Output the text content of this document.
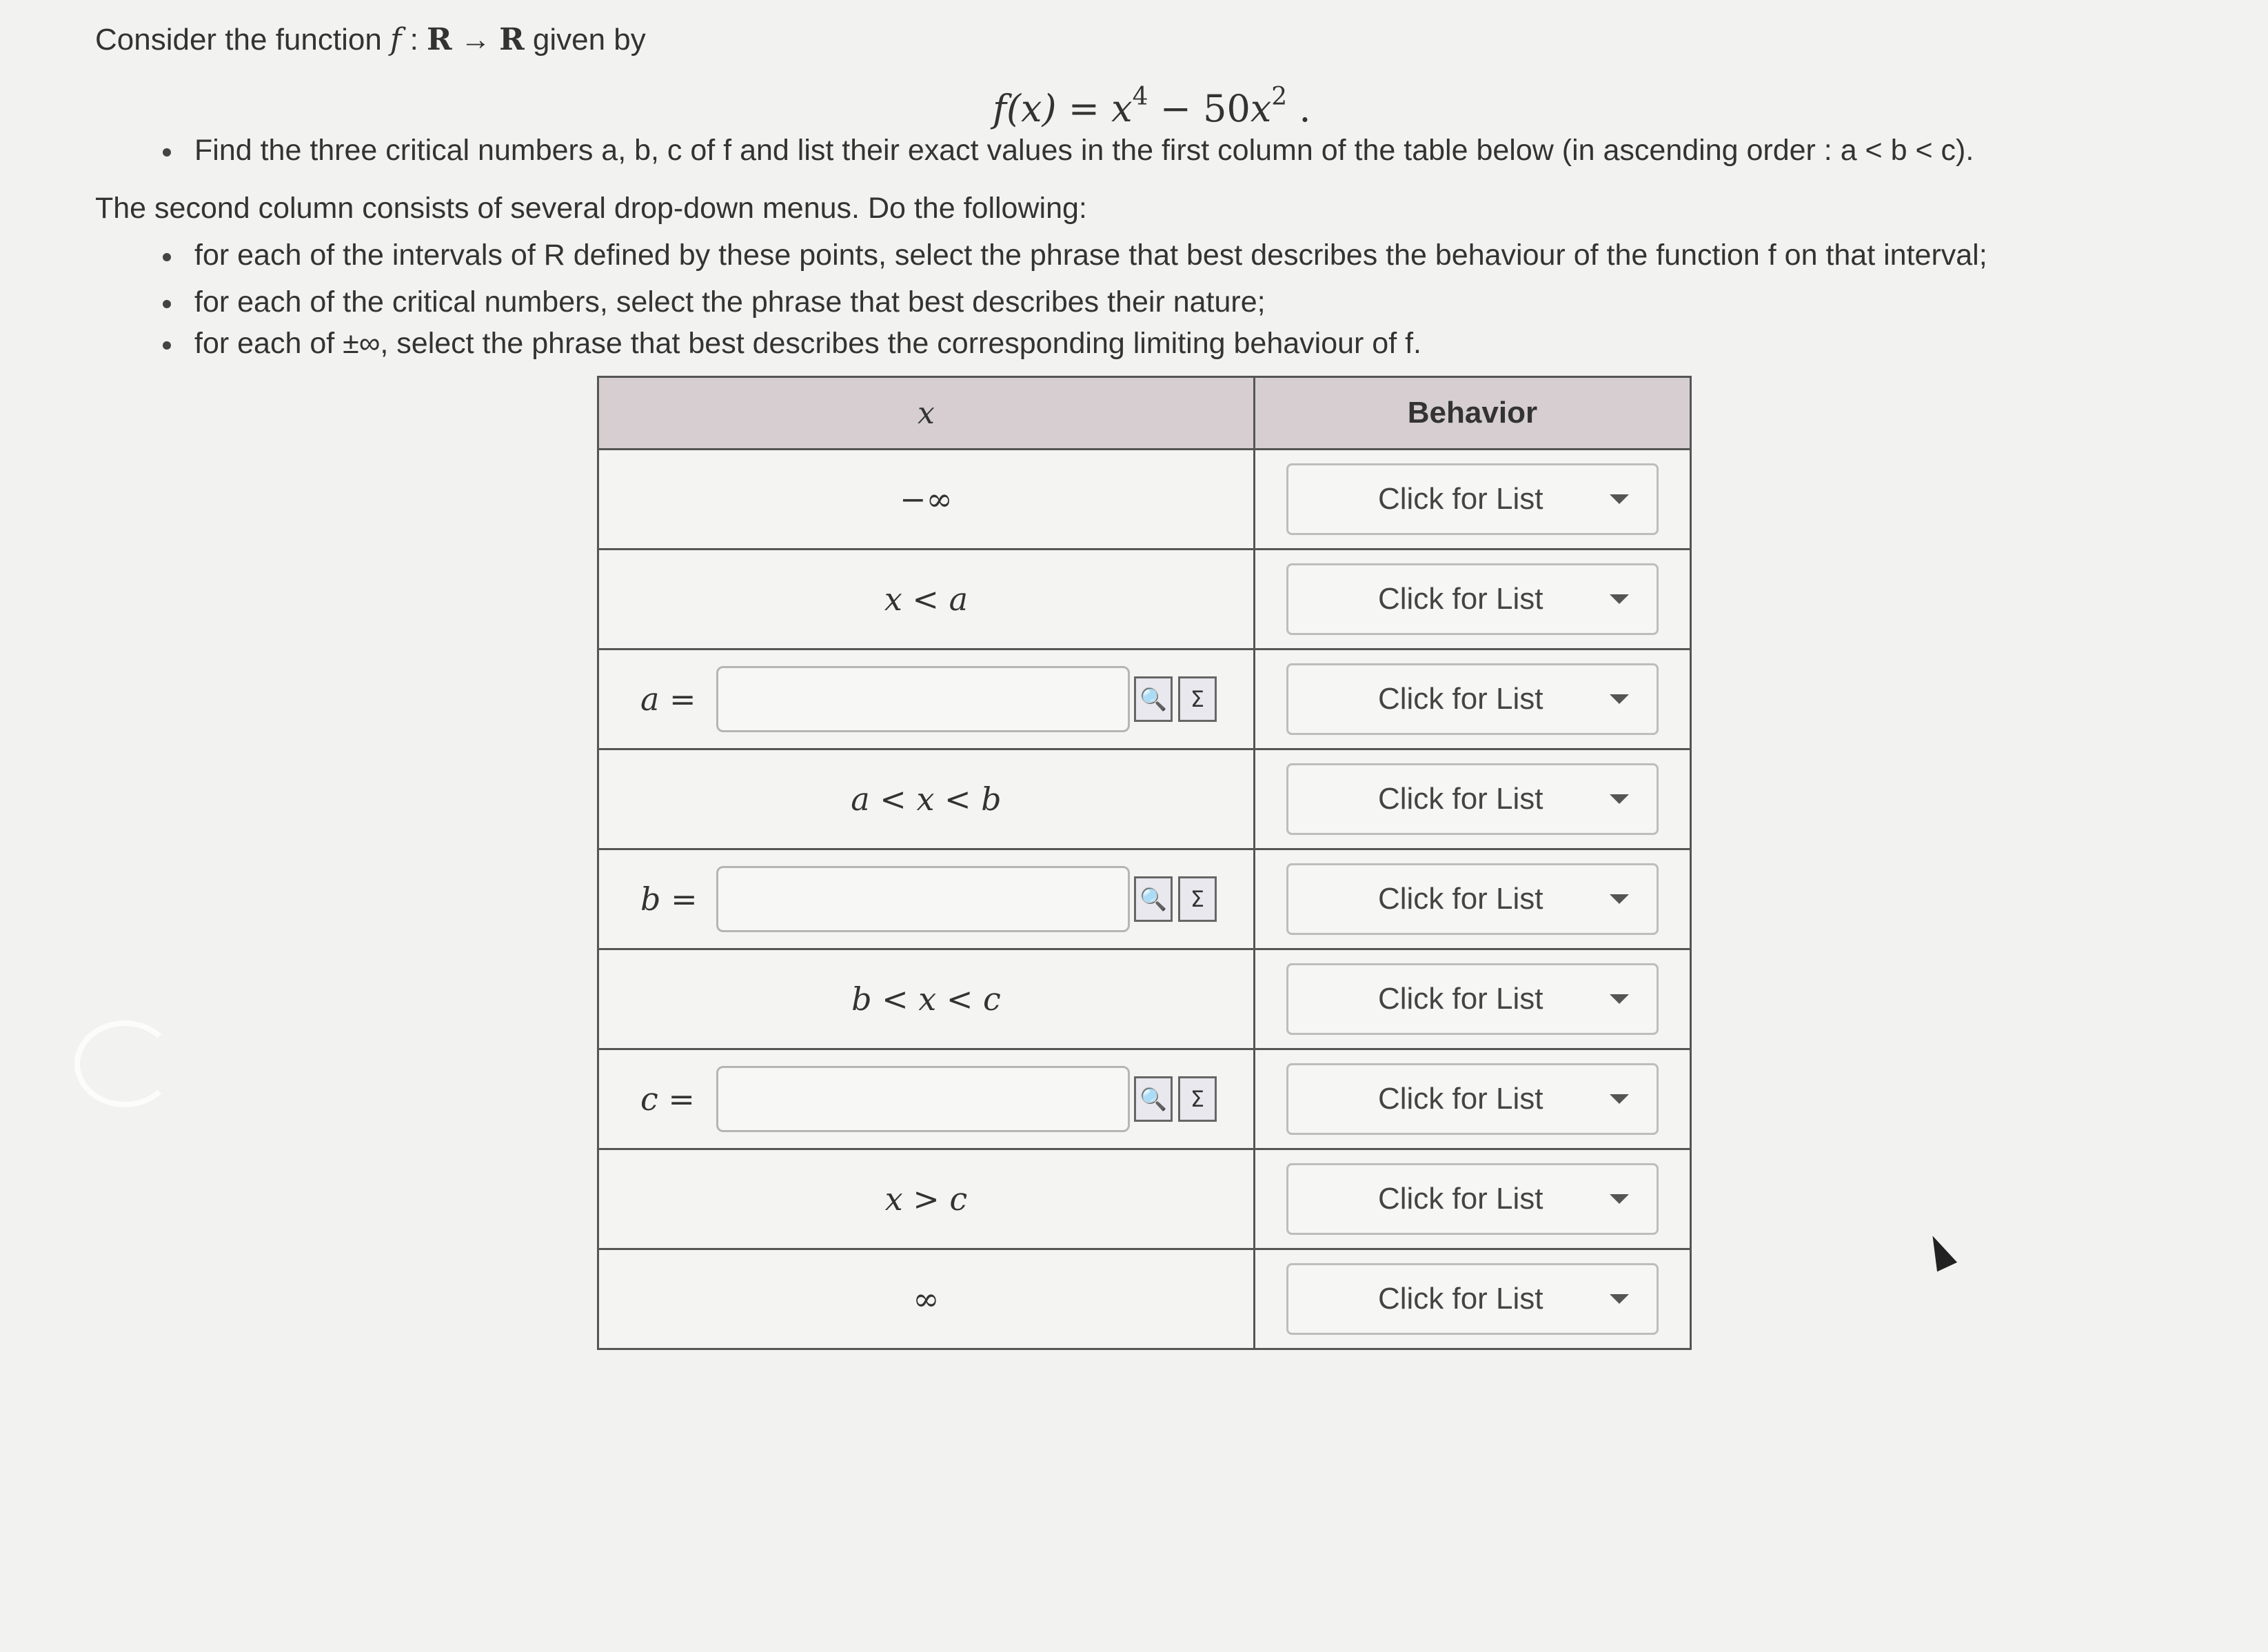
Consider the function f : R → R given by
$f(x) = x^4 - 50x^2$ .
Find the three critical numbers a, b, c of f and list their exact values in the first column of the table below (in ascending order : a < b < c).
The second column consists of several drop-down menus. Do the following:
for each of the intervals of R defined by these points, select the phrase that best describes the behaviour of the function f on that interval;
for each of the critical numbers, select the phrase that best describes their nature;
for each of ±∞, select the phrase that best describes the corresponding limiting behaviour of f.
x	Behavior
−∞	Click for List

x < a	Click for List

a = 🔍 Σ	Click for List

a < x < b	Click for List

b = 🔍 Σ	Click for List

b < x < c	Click for List

c = 🔍 Σ	Click for List

x > c	Click for List

∞	Click for List
